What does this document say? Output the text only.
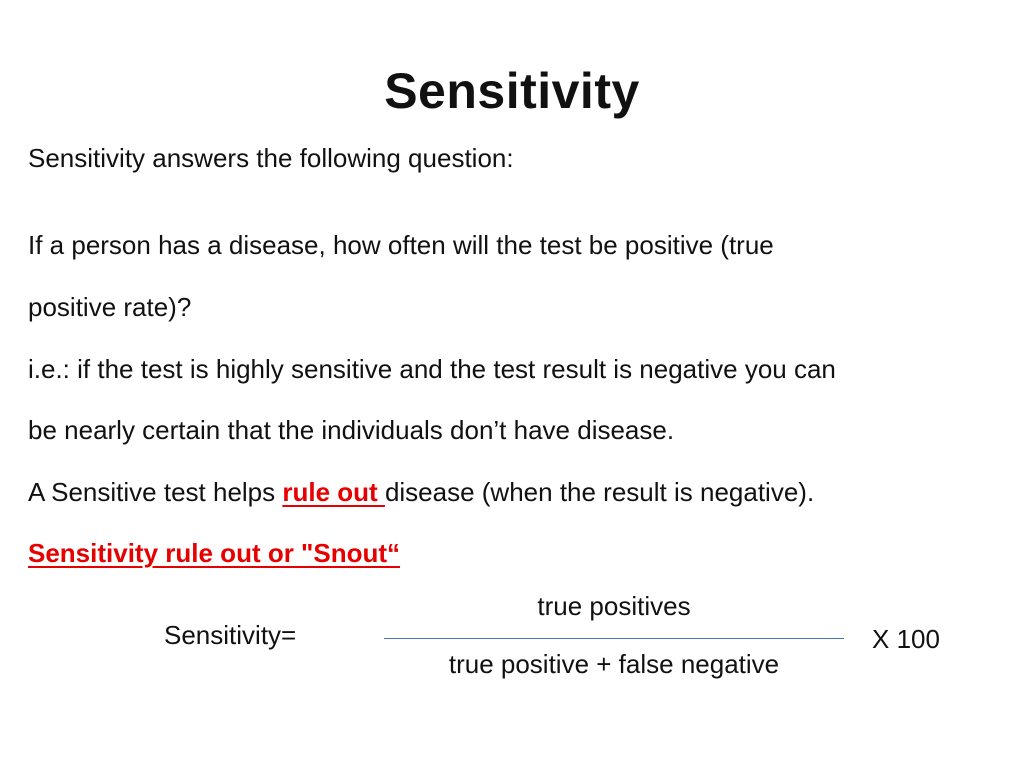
Sensitivity
Sensitivity answers the following question:
If a person has a disease, how often will the test be positive (true
positive rate)?
i.e.: if the test is highly sensitive and the test result is negative you can
be nearly certain that the individuals don’t have disease.
A Sensitive test helps rule out disease (when the result is negative).
Sensitivity rule out or "Snout“
Sensitivity=
true positives
true positive + false negative
X 100
